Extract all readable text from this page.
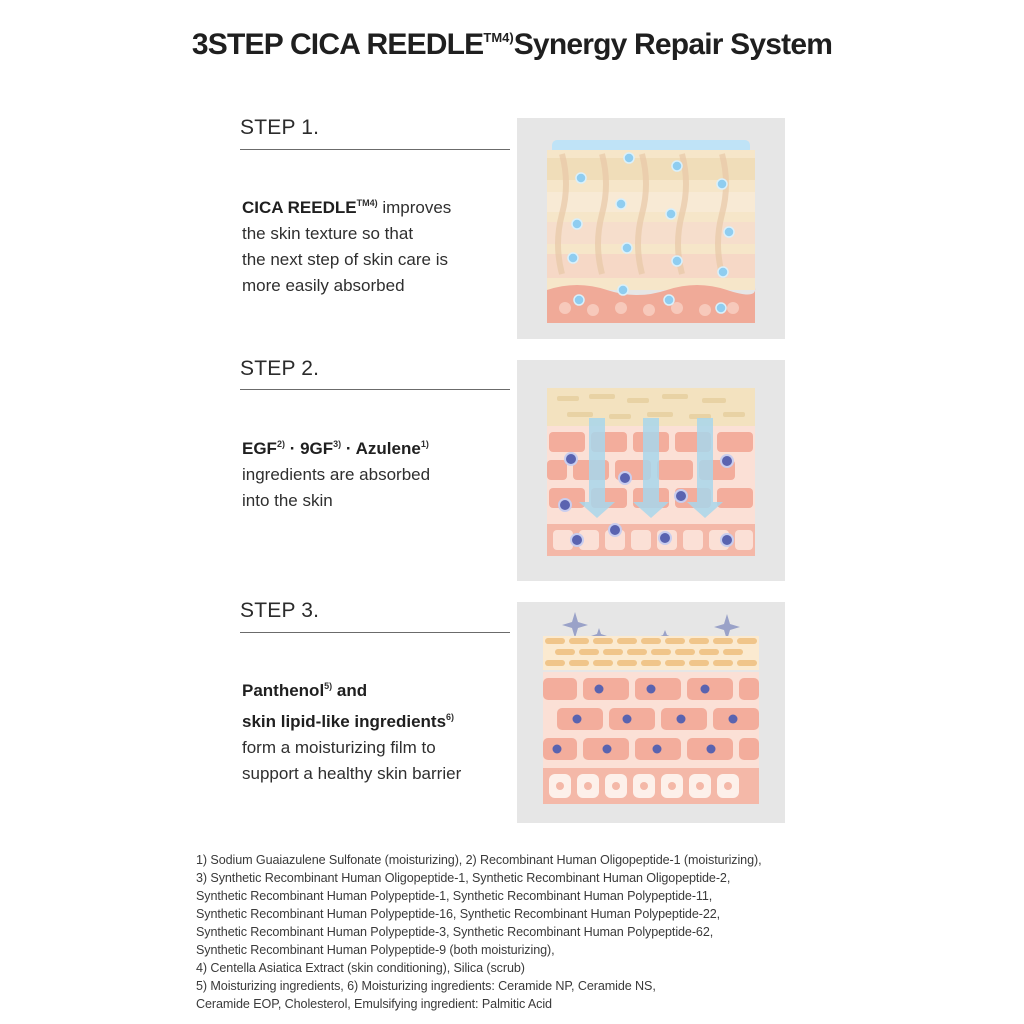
3STEP CICA $REEDLE^{TM4)}Synergy$ Repair System
STEP 1.
CICA $REEDLE^{TM4)}$ improves
the skin texture so that
the next step of skin care is
more easily absorbed
STEP 2.
$EGF^{2)} \cdot 9GF^{3)}$ · Azulene$^{1)}$
ingredients are absorbed
into the skin
STEP 3.
Panthenol$^{5)}$ and
skin lipid-like ingredients$^{6)}$
form a moisturizing film to
support a healthy skin barrier
1) Sodium Guaiazulene Sulfonate (moisturizing), 2) Recombinant Human Oligopeptide-1 (moisturizing),
3) Synthetic Recombinant Human Oligopeptide-1, Synthetic Recombinant Human Oligopeptide-2,
Synthetic Recombinant Human Polypeptide-1, Synthetic Recombinant Human Polypeptide-11,
Synthetic Recombinant Human Polypeptide-16, Synthetic Recombinant Human Polypeptide-22,
Synthetic Recombinant Human Polypeptide-3, Synthetic Recombinant Human Polypeptide-62,
Synthetic Recombinant Human Polypeptide-9 (both moisturizing),
4) Centella Asiatica Extract (skin conditioning), Silica (scrub)
5) Moisturizing ingredients, 6) Moisturizing ingredients: Ceramide NP, Ceramide NS,
Ceramide EOP, Cholesterol, Emulsifying ingredient: Palmitic Acid
